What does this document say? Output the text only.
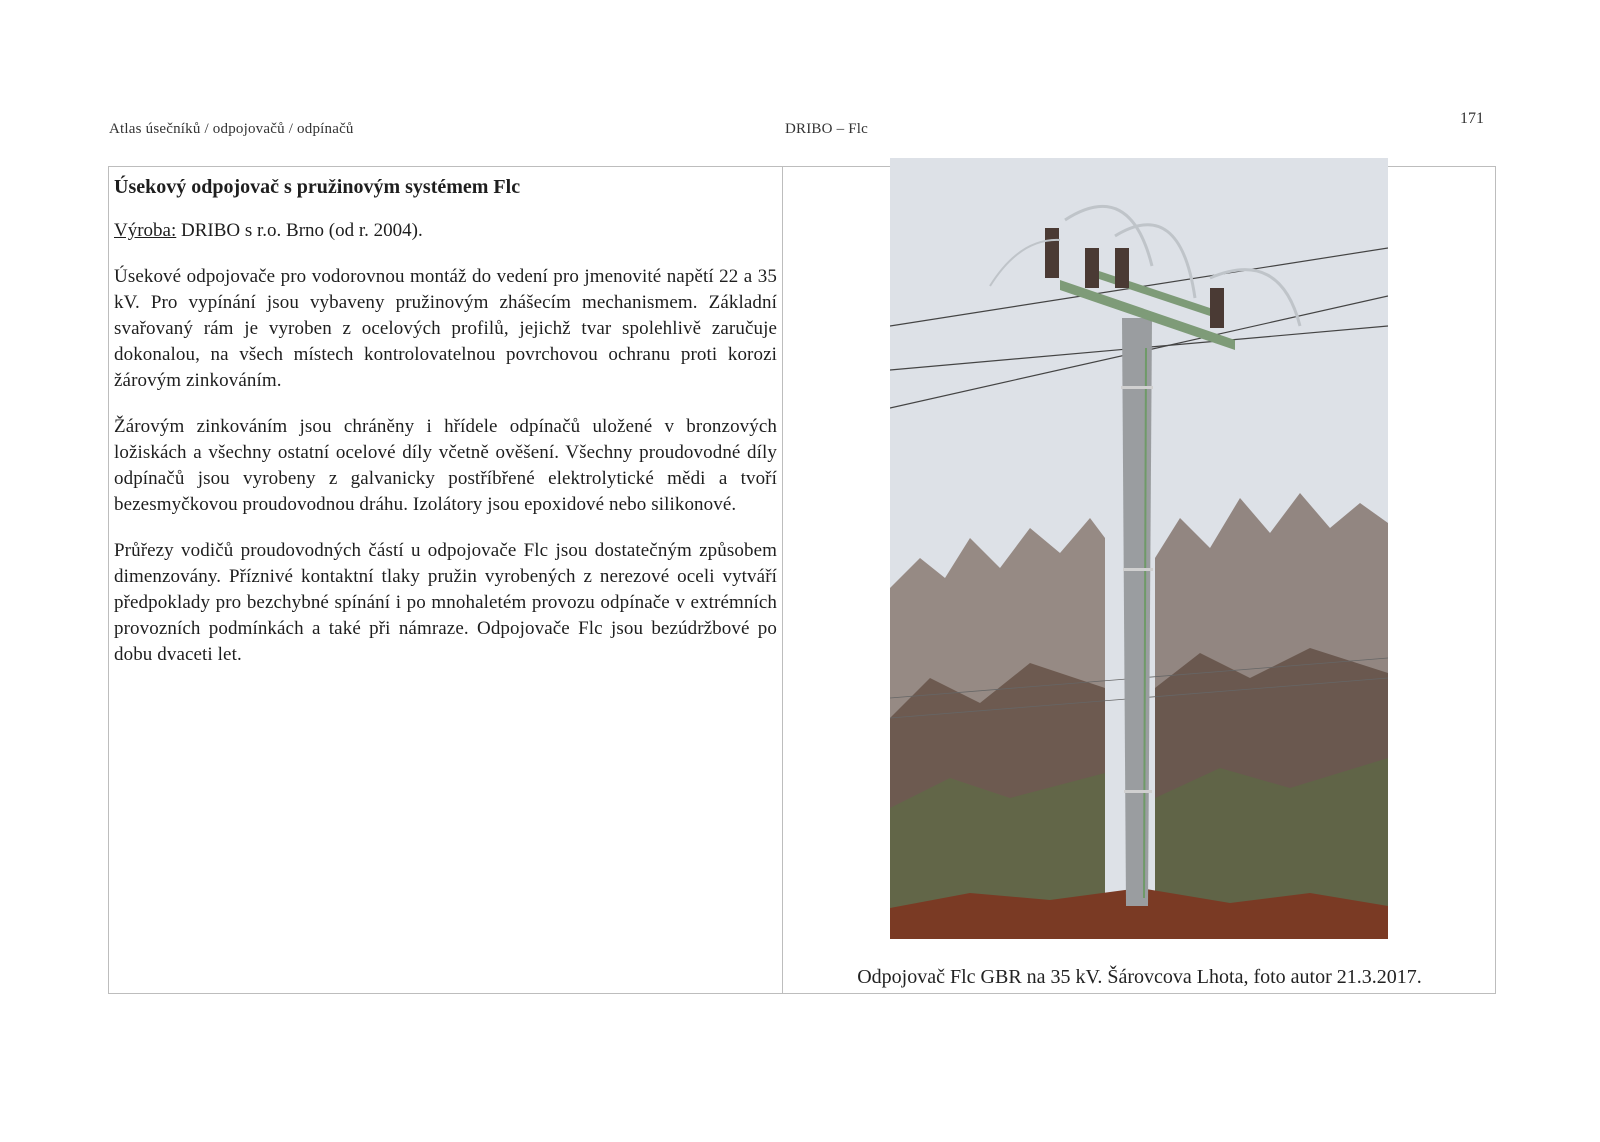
Atlas úsečníků / odpojovačů / odpínačů	DRIBO – Flc
171
Úsekový odpojovač s pružinovým systémem Flc
Výroba: DRIBO s r.o. Brno (od r. 2004).

Úsekové odpojovače pro vodorovnou montáž do vedení pro jmenovité napětí 22 a 35 kV. Pro vypínání jsou vybaveny pružinovým zhášecím mechanismem. Základní svařovaný rám je vyroben z ocelových profilů, jejichž tvar spolehlivě zaručuje dokonalou, na všech místech kontrolovatelnou povrchovou ochranu proti korozi žárovým zinkováním.

Žárovým zinkováním jsou chráněny i hřídele odpínačů uložené v bronzových ložiskách a všechny ostatní ocelové díly včetně ověšení. Všechny proudovodné díly odpínačů jsou vyrobeny z galvanicky postříbřené elektrolytické mědi a tvoří bezesmyčkovou proudovodnou dráhu. Izolátory jsou epoxidové nebo silikonové.

Průřezy vodičů proudovodných částí u odpojovače Flc jsou dostatečným způsobem dimenzovány. Příznivé kontaktní tlaky pružin vyrobených z nerezové oceli vytváří předpoklady pro bezchybné spínání i po mnohaletém provozu odpínače v extrémních provozních podmínkách a také při námraze. Odpojovače Flc jsou bezúdržbové po dobu dvaceti let.

Odpojovač Flc GBR na 35 kV. Šárovcova Lhota, foto autor 21.3.2017.
